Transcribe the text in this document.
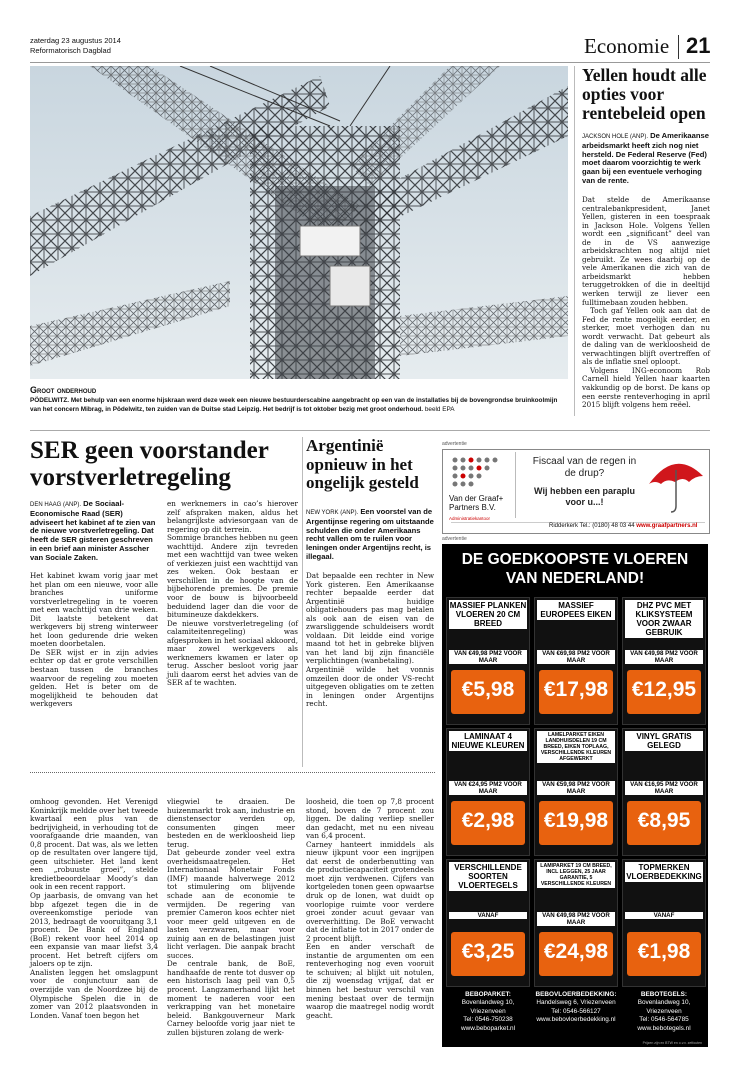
zaterdag 23 augustus 2014
Reformatorisch Dagblad	Economie 21
Groot onderhoud
PÖDELWITZ. Met behulp van een enorme hijskraan werd deze week een nieuwe bestuurderscabine aangebracht op een van de installaties bij de bovengrondse bruinkoolmijn van het concern Mibrag, in Pödelwitz, ten zuiden van de Duitse stad Leipzig. Het bedrijf is tot oktober bezig met groot onderhoud. beeld EPA
Yellen houdt alle opties voor rentebeleid open
JACKSON HOLE (ANP). De Amerikaanse arbeidsmarkt heeft zich nog niet hersteld. De Federal Reserve (Fed) moet daarom voorzichtig te werk gaan bij een eventuele verhoging van de rente.
Dat stelde de Amerikaanse centralebankpresident, Janet Yellen, gisteren in een toespraak in Jackson Hole. Volgens Yellen wordt een „significant” deel van de in de VS aanwezige arbeidskrachten nog altijd niet gebruikt. Ze wees daarbij op de vele Amerikanen die zich van de arbeidsmarkt hebben teruggetrokken of die in deeltijd werken terwijl ze liever een fulltimebaan zouden hebben.
Toch gaf Yellen ook aan dat de Fed de rente mogelijk eerder, en sterker, moet verhogen dan nu wordt verwacht. Dat gebeurt als de daling van de werkloosheid de verwachtingen blijft overtreffen of als de inflatie snel oploopt.
Volgens ING-econoom Rob Carnell hield Yellen haar kaarten vakkundig op de borst. De kans op een eerste renteverhoging in april 2015 blijft volgens hem reëel.
SER geen voorstander vorstverletregeling
DEN HAAG (ANP). De Sociaal-Economische Raad (SER) adviseert het kabinet af te zien van de nieuwe vorstverletregeling. Dat heeft de SER gisteren geschreven in een brief aan minister Asscher van Sociale Zaken.
Het kabinet kwam vorig jaar met het plan om een nieuwe, voor alle branches uniforme vorstverletregeling in te voeren met een wachttijd van drie weken. Dit laatste betekent dat werkgevers bij streng winterweer het loon gedurende drie weken moeten doorbetalen.
De SER wijst er in zijn advies echter op dat er grote verschillen bestaan tussen de branches waarvoor de regeling zou moeten gelden. Het is beter om de mogelijkheid te behouden dat werkgevers
en werknemers in cao’s hierover zelf afspraken maken, aldus het belangrijkste adviesorgaan van de regering op dit terrein.
Sommige branches hebben nu geen wachttijd. Andere zijn tevreden met een wachttijd van twee weken of verkiezen juist een wachttijd van zes weken. Ook bestaan er verschillen in de hoogte van de bijbehorende premies. De premie voor de bouw is bijvoorbeeld beduidend lager dan die voor de bitumineuze dakdekkers.
De nieuwe vorstverletregeling (of calamiteitenregeling) was afgesproken in het sociaal akkoord, maar zowel werkgevers als werknemers kwamen er later op terug. Asscher besloot vorig jaar juli daarom eerst het advies van de SER af te wachten.
Argentinië opnieuw in het ongelijk gesteld
NEW YORK (ANP). Een voorstel van de Argentijnse regering om uitstaande schulden die onder Amerikaans recht vallen om te ruilen voor leningen onder Argentijns recht, is illegaal.
Dat bepaalde een rechter in New York gisteren. Een Amerikaanse rechter bepaalde eerder dat Argentinië huidige obligatiehouders pas mag betalen als ook aan de eisen van de zwarsliggende schuldeisers wordt voldaan. Dit leidde eind vorige maand tot het in gebreke blijven van het land bij zijn financiële verplichtingen (wanbetaling).
Argentinië wilde het vonnis omzeilen door de onder VS-recht uitgegeven obligaties om te zetten in leningen onder Argentijns recht.
omhoog gevonden. Het Verenigd Koninkrijk meldde over het tweede kwartaal een plus van de bedrijvigheid, in verhouding tot de voorafgaande drie maanden, van 0,8 procent. Dat was, als we letten op de resultaten over langere tijd, geen uitschieter. Het land kent een „robuuste groei”, stelde kredietbeoordelaar Moody’s dan ook in een recent rapport.
Op jaarbasis, de omvang van het bbp afgezet tegen die in de overeenkomstige periode van 2013, bedraagt de vooruitgang 3,1 procent. De Bank of England (BoE) rekent voor heel 2014 op een expansie van maar liefst 3,4 procent. Het betreft cijfers om jaloers op te zijn.
Analisten leggen het omslagpunt voor de conjunctuur aan de overzijde van de Noordzee bij de Olympische Spelen die in de zomer van 2012 plaatsvonden in Londen. Vanaf toen begon het
vliegwiel te draaien. De huizenmarkt trok aan, industrie en dienstensector verden op, consumenten gingen meer besteden en de werkloosheid liep terug.
Dat gebeurde zonder veel extra overheidsmaatregelen. Het Internationaal Monetair Fonds (IMF) maande halverwege 2012 tot stimulering om blijvende schade aan de economie te vermijden. De regering van premier Cameron koos echter niet voor meer geld uitgeven en de lasten verzwaren, maar voor zuinig aan en de belastingen juist licht verlagen. Die aanpak bracht succes.
De centrale bank, de BoE, handhaafde de rente tot dusver op een historisch laag peil van 0,5 procent. Langzamerhand lijkt het moment te naderen voor een verkrapping van het monetaire beleid. Bankgouverneur Mark Carney beloofde vorig jaar niet te zullen bijsturen zolang de werk-
loosheid, die toen op 7,8 procent stond, boven de 7 procent zou liggen. De daling verliep sneller dan gedacht, met nu een niveau van 6,4 procent.
Carney hanteert inmiddels als nieuw ijkpunt voor een ingrijpen dat eerst de onderbenutting van de productiecapaciteit grotendeels moet zijn verdwenen. Cijfers van kortgeleden tonen geen opwaartse druk op de lonen, wat duidt op voorlopige ruimte voor verdere groei zonder acuut gevaar van oververhitting. De BoE verwacht dat de inflatie tot in 2017 onder de 2 procent blijft.
Een en ander verschaft de instantie de argumenten om een renteverhoging nog even vooruit te schuiven; al blijkt uit notulen, die zij woensdag vrijgaf, dat er binnen het bestuur verschil van mening bestaat over de termijn waarop die maatregel nodig wordt geacht.
advertentie
Van der Graaf+ Partners B.V.
Administratiekantoor
Fiscaal van de regen in de drup?
Wij hebben een paraplu voor u...!
Ridderkerk Tel.: (0180) 48 03 44 www.graafpartners.nl
advertentie
DE GOEDKOOPSTE VLOEREN VAN NEDERLAND!
MASSIEF PLANKEN VLOEREN 20 CM BREED
VAN €49,98 PM2 VOOR MAAR
€5,98
MASSIEF EUROPEES EIKEN
VAN €69,98 PM2 VOOR MAAR
€17,98
DHZ PVC MET KLIKSYSTEEM VOOR ZWAAR GEBRUIK
VAN €49,98 PM2 VOOR MAAR
€12,95
LAMINAAT 4 NIEUWE KLEUREN
VAN €24,95 PM2 VOOR MAAR
€2,98
LAMELPARKET EIKEN LANDHUISDELEN 19 CM BREED, EIKEN TOPLAAG, VERSCHILLENDE KLEUREN AFGEWERKT
VAN €59,98 PM2 VOOR MAAR
€19,98
VINYL GRATIS GELEGD
VAN €16,95 PM2 VOOR MAAR
€8,95
VERSCHILLENDE SOORTEN VLOERTEGELS
VANAF
€3,25
LAMIPARKET 19 CM BREED, INCL LEGGEN, 25 JAAR GARANTIE, 5 VERSCHILLENDE KLEUREN
VAN €49,98 PM2 VOOR MAAR
€24,98
TOPMERKEN VLOERBEDEKKING
VANAF
€1,98
BEBOPARKET:
Bovenlandweg 10, Vriezenveen
Tel: 0546-750238
www.beboparket.nl
BEBOVLOERBEDEKKING:
Handelsweg 6, Vriezenveen
Tel: 0546-566127
www.bebovloerbedekking.nl
BEBOTEGELS:
Bovenlandweg 10, Vriezenveen
Tel: 0546-564785
www.bebotegels.nl
Prijzen zijn ex BTW en o.v.v. zetfouten
